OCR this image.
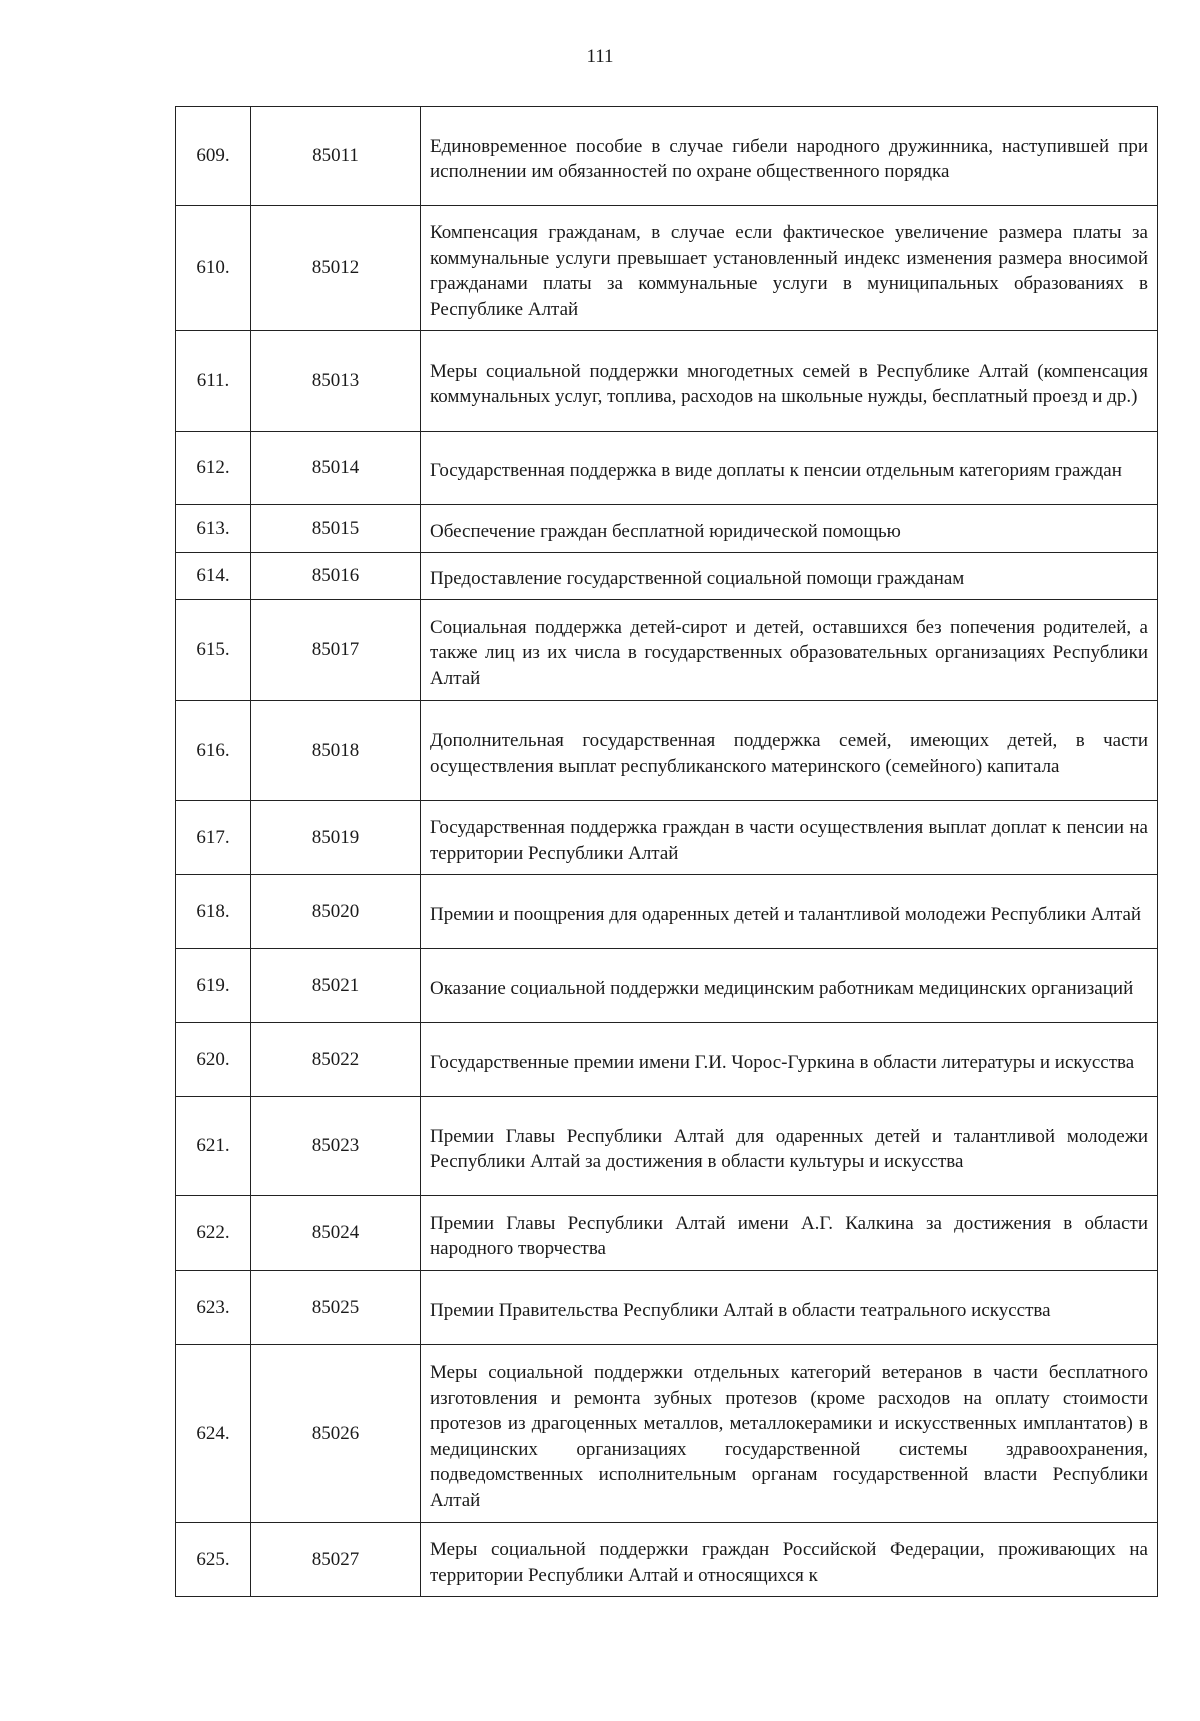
111
609.	85011	Единовременное пособие в случае гибели народного дружинника, наступившей при исполнении им обязанностей по охране общественного порядка
610.	85012	Компенсация гражданам, в случае если фактическое увеличение размера платы за коммунальные услуги превышает установленный индекс изменения размера вносимой гражданами платы за коммунальные услуги в муниципальных образованиях в Республике Алтай
611.	85013	Меры социальной поддержки многодетных семей в Республике Алтай (компенсация коммунальных услуг, топлива, расходов на школьные нужды, бесплатный проезд и др.)
612.	85014	Государственная поддержка в виде доплаты к пенсии отдельным категориям граждан
613.	85015	Обеспечение граждан бесплатной юридической помощью
614.	85016	Предоставление государственной социальной помощи гражданам
615.	85017	Социальная поддержка детей-сирот и детей, оставшихся без попечения родителей, а также лиц из их числа в государственных образовательных организациях Республики Алтай
616.	85018	Дополнительная государственная поддержка семей, имеющих детей, в части осуществления выплат республиканского материнского (семейного) капитала
617.	85019	Государственная поддержка граждан в части осуществления выплат доплат к пенсии на территории Республики Алтай
618.	85020	Премии и поощрения для одаренных детей и талантливой молодежи Республики Алтай
619.	85021	Оказание социальной поддержки медицинским работникам медицинских организаций
620.	85022	Государственные премии имени Г.И. Чорос-Гуркина в области литературы и искусства
621.	85023	Премии Главы Республики Алтай для одаренных детей и талантливой молодежи Республики Алтай за достижения в области культуры и искусства
622.	85024	Премии Главы Республики Алтай имени А.Г. Калкина за достижения в области народного творчества
623.	85025	Премии Правительства Республики Алтай в области театрального искусства
624.	85026	Меры социальной поддержки отдельных категорий ветеранов в части бесплатного изготовления и ремонта зубных протезов (кроме расходов на оплату стоимости протезов из драгоценных металлов, металлокерамики и искусственных имплантатов) в медицинских организациях государственной системы здравоохранения, подведомственных исполнительным органам государственной власти Республики Алтай
625.	85027	Меры социальной поддержки граждан Российской Федерации, проживающих на территории Республики Алтай и относящихся к
